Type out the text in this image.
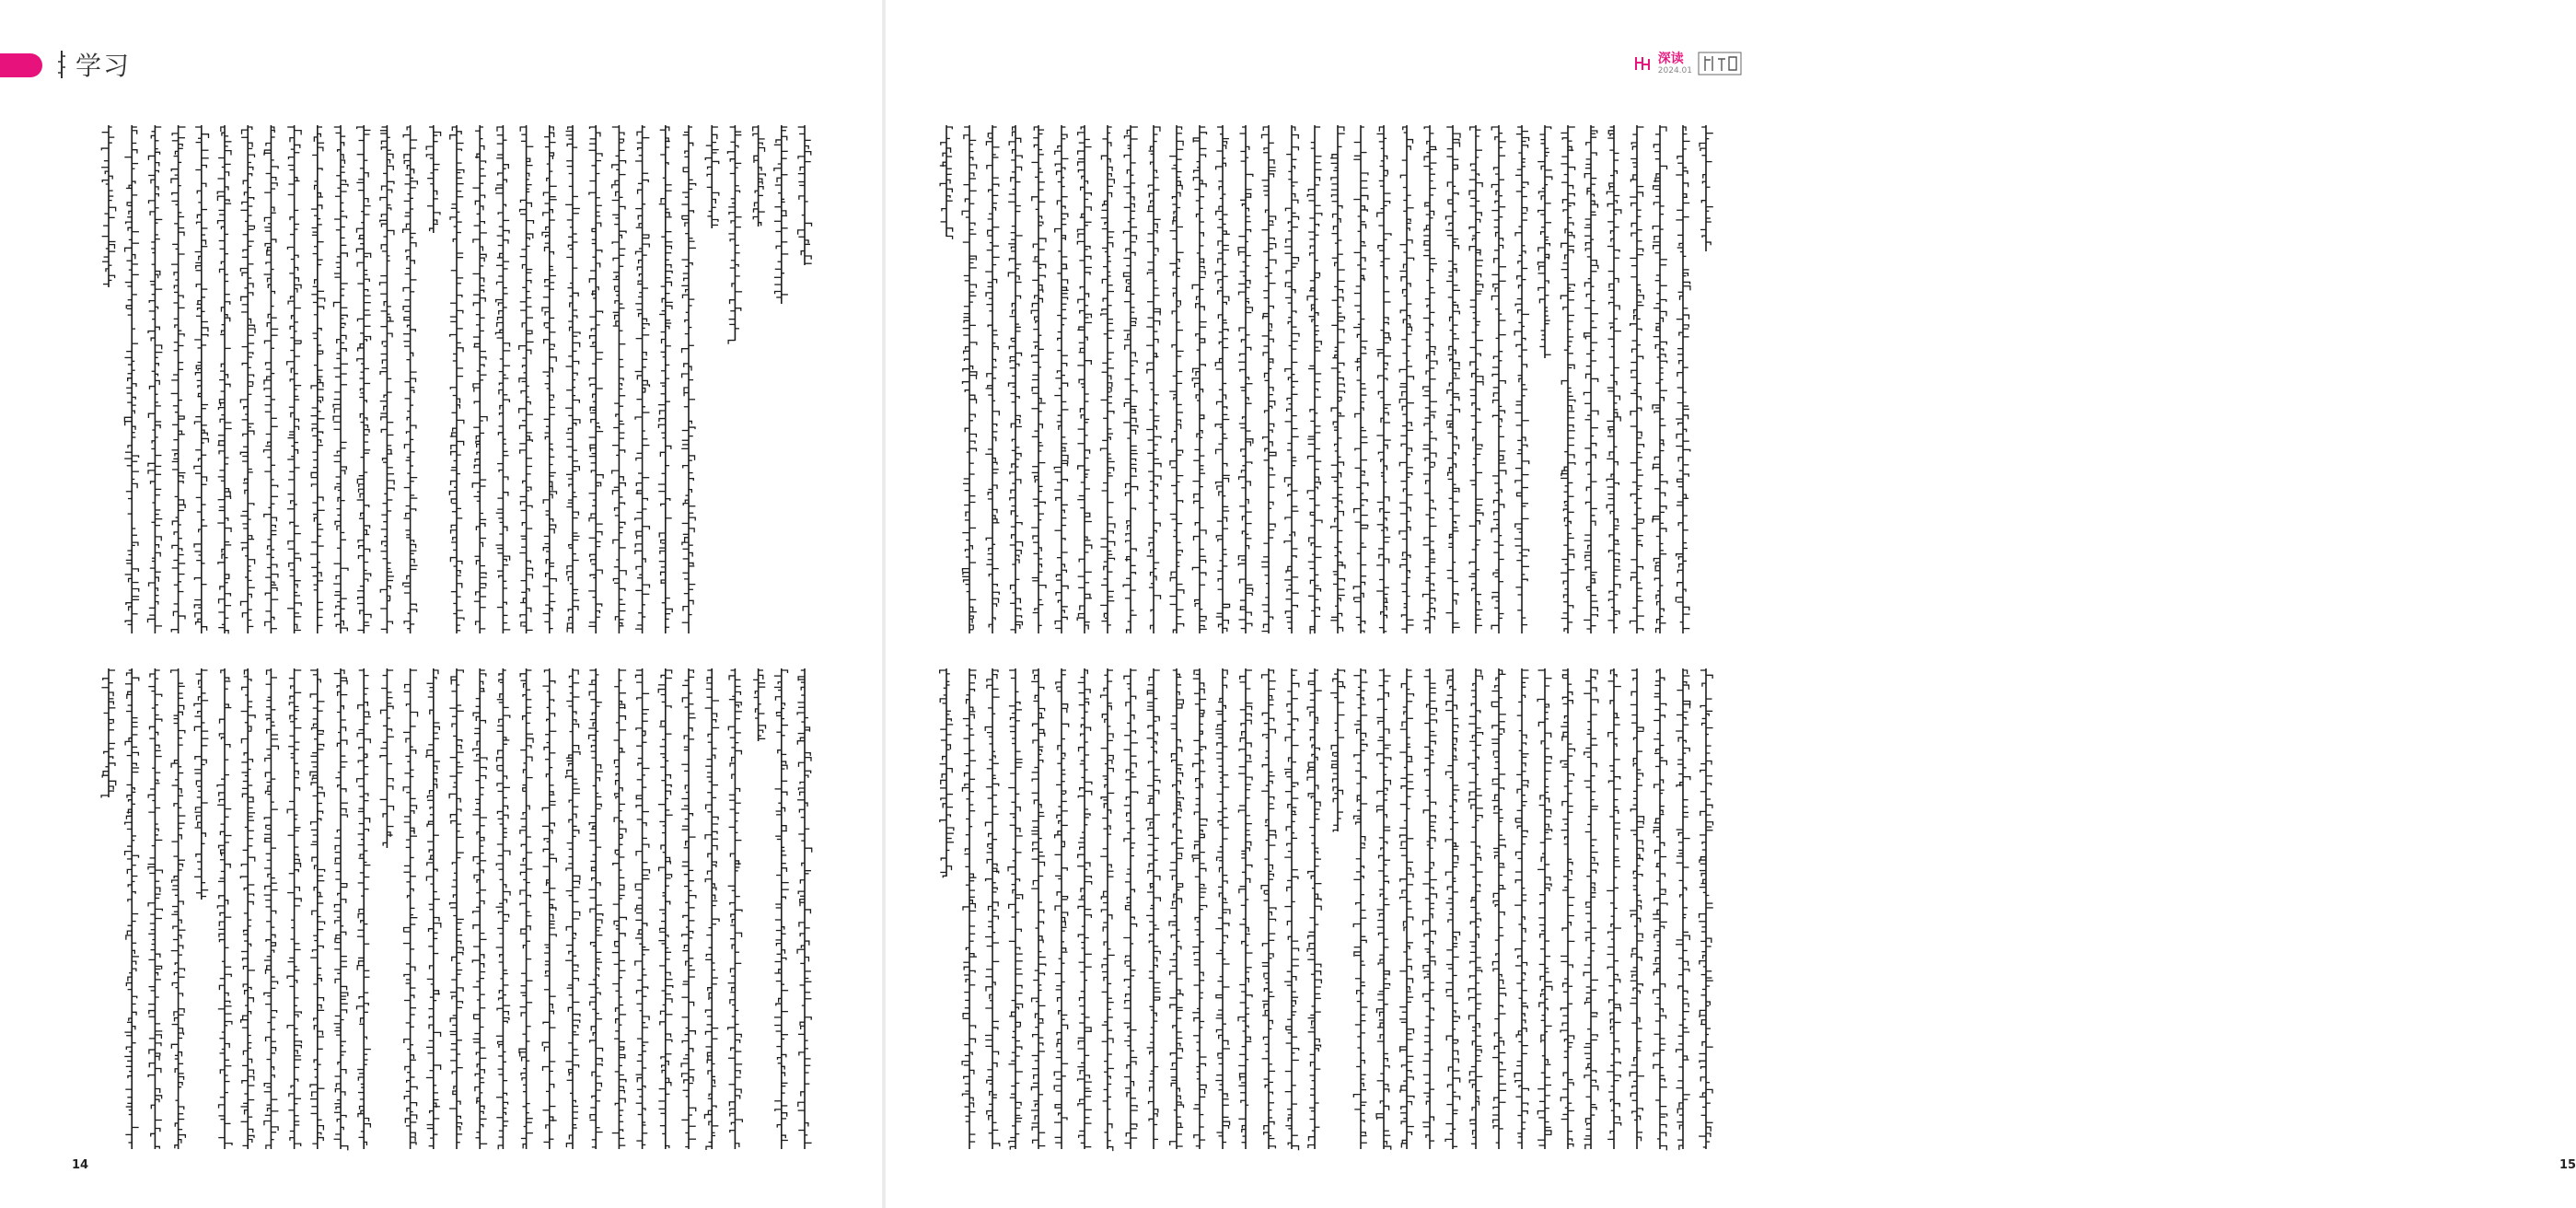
学习
14
深读
2024.01
15
